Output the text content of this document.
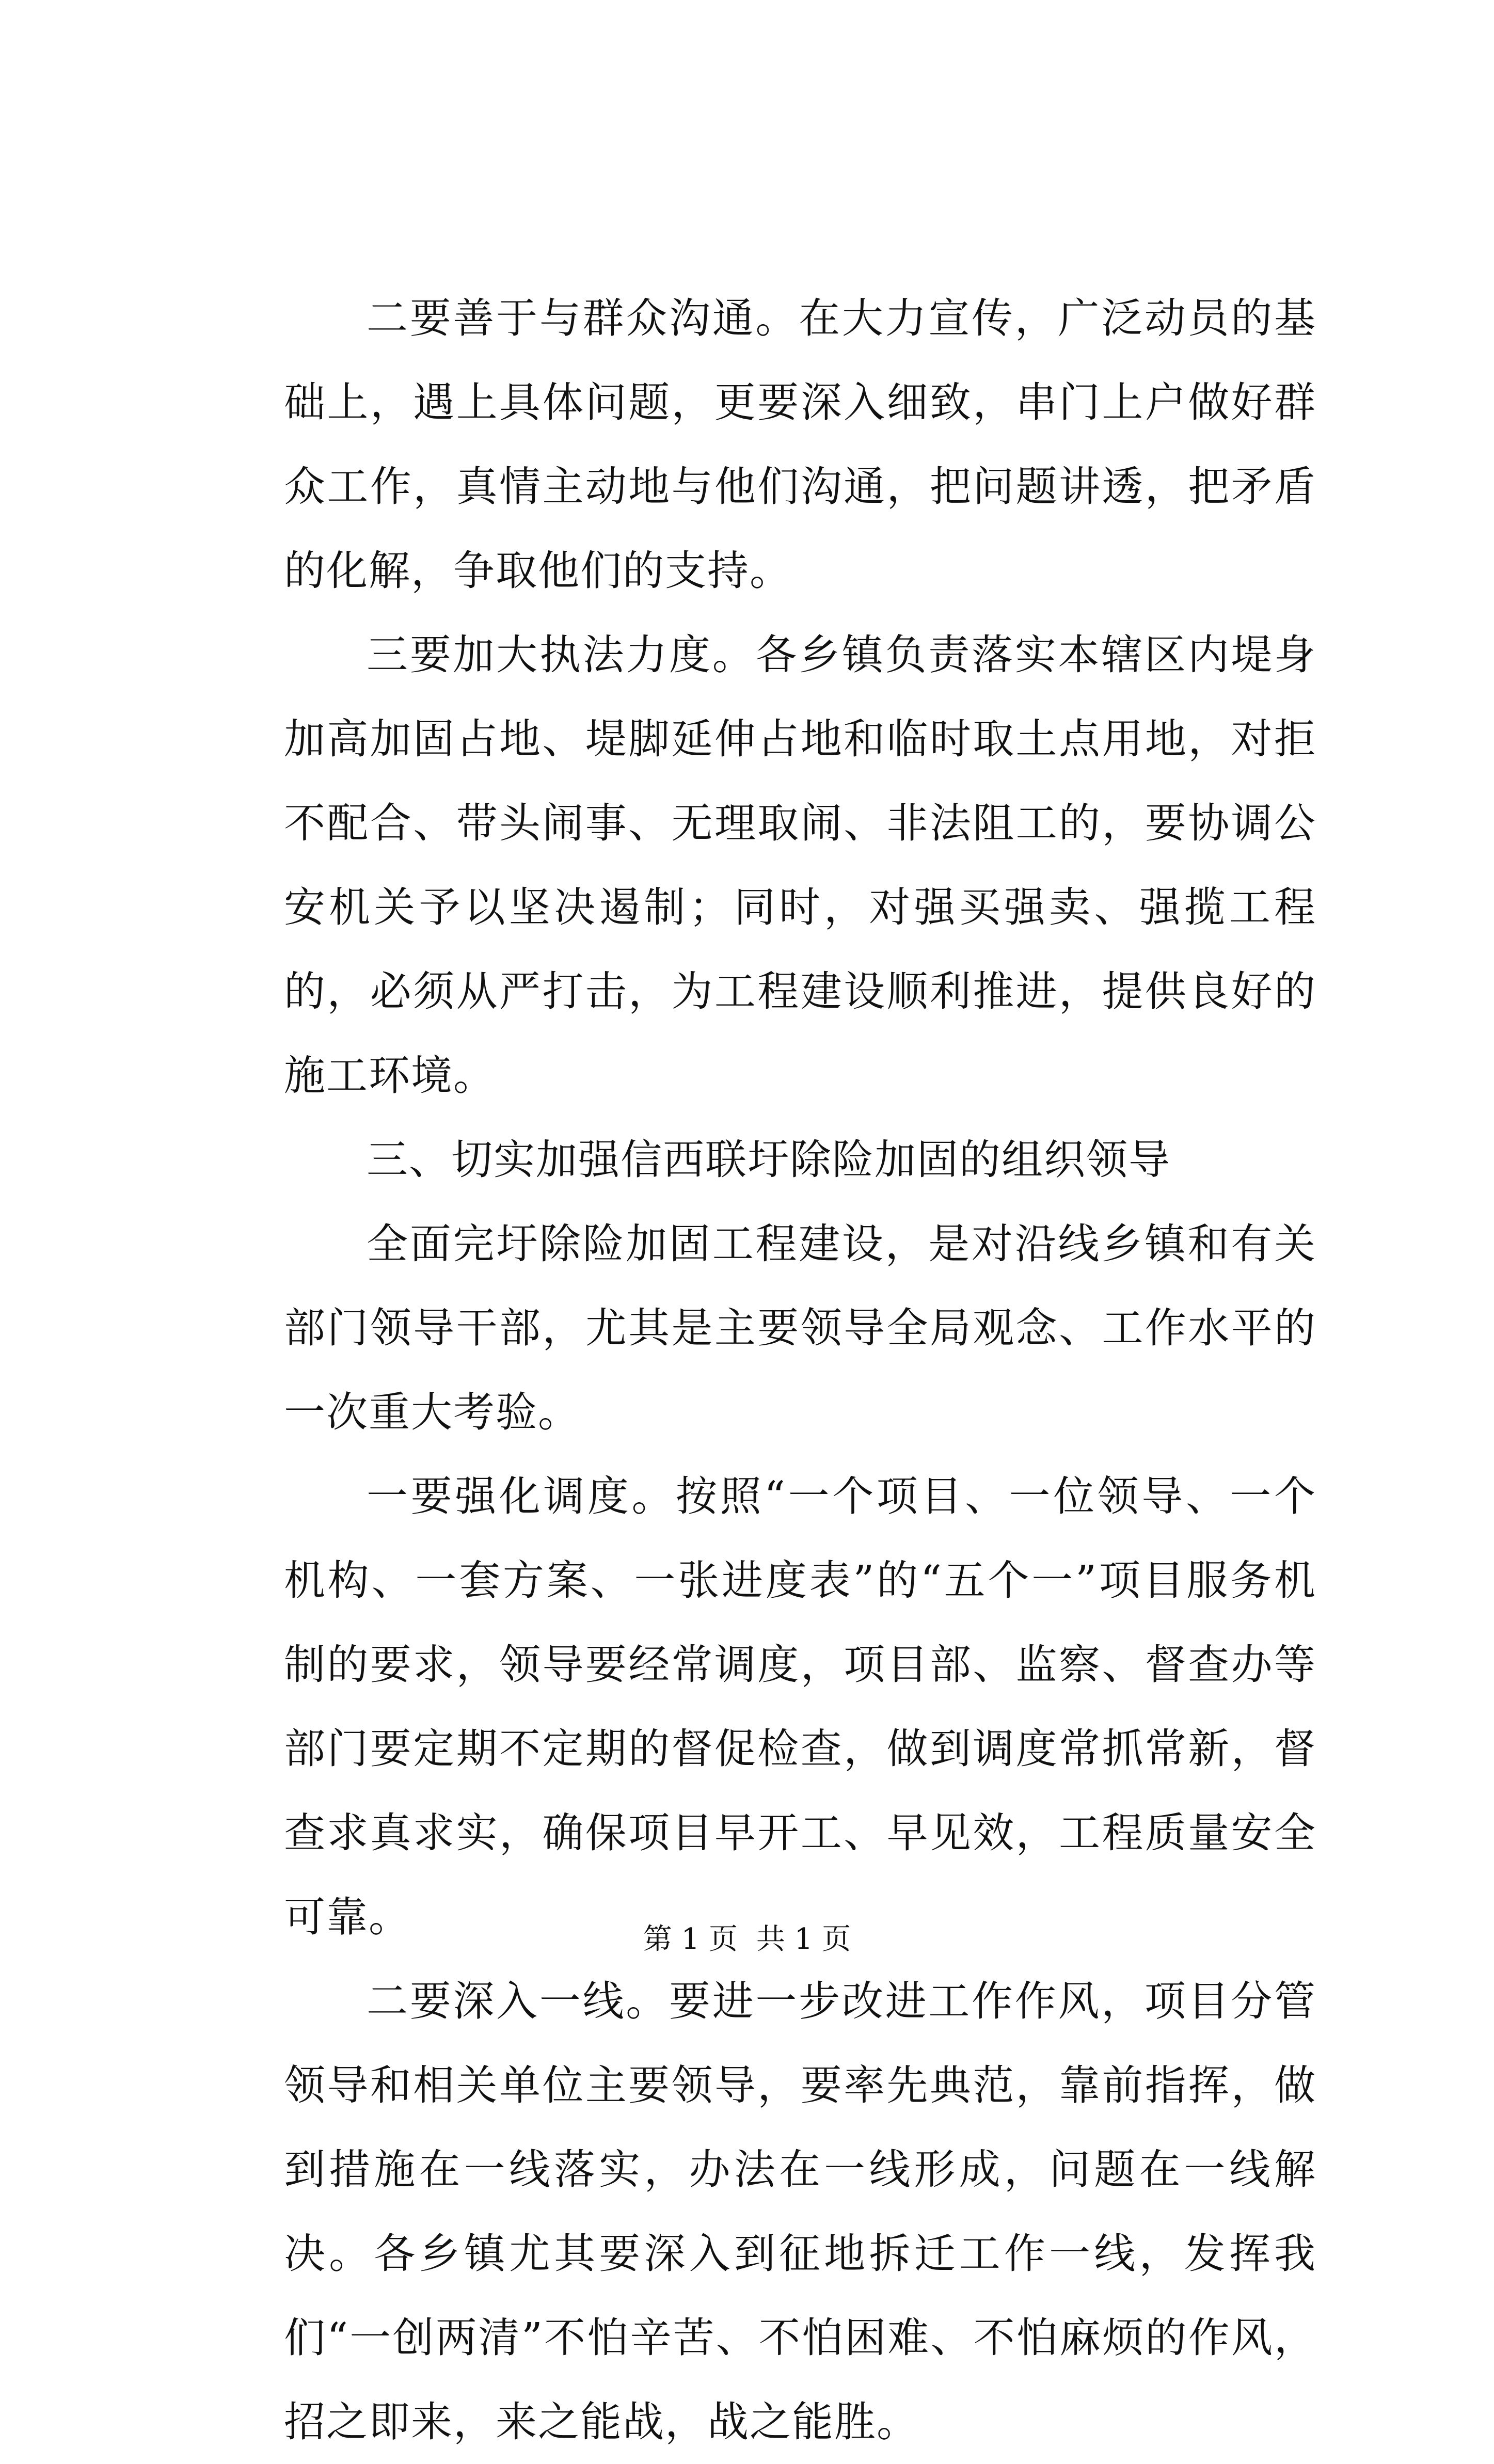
二要善于与群众沟通。在大力宣传，广泛动员的基础上，遇上具体问题，更要深入细致，串门上户做好群众工作，真情主动地与他们沟通，把问题讲透，把矛盾的化解，争取他们的支持。

三要加大执法力度。各乡镇负责落实本辖区内堤身加高加固占地、堤脚延伸占地和临时取土点用地，对拒不配合、带头闹事、无理取闹、非法阻工的，要协调公安机关予以坚决遏制；同时，对强买强卖、强揽工程的，必须从严打击，为工程建设顺利推进，提供良好的施工环境。

三、切实加强信西联圩除险加固的组织领导

全面完圩除险加固工程建设，是对沿线乡镇和有关部门领导干部，尤其是主要领导全局观念、工作水平的一次重大考验。

一要强化调度。按照“一个项目、一位领导、一个机构、一套方案、一张进度表”的“五个一”项目服务机制的要求，领导要经常调度，项目部、监察、督查办等部门要定期不定期的督促检查，做到调度常抓常新，督查求真求实，确保项目早开工、早见效，工程质量安全可靠。

二要深入一线。要进一步改进工作作风，项目分管领导和相关单位主要领导，要率先典范，靠前指挥，做到措施在一线落实，办法在一线形成，问题在一线解决。各乡镇尤其要深入到征地拆迁工作一线，发挥我们“一创两清”不怕辛苦、不怕困难、不怕麻烦的作风，招之即来，来之能战，战之能胜。

第 1 页 共 1 页
